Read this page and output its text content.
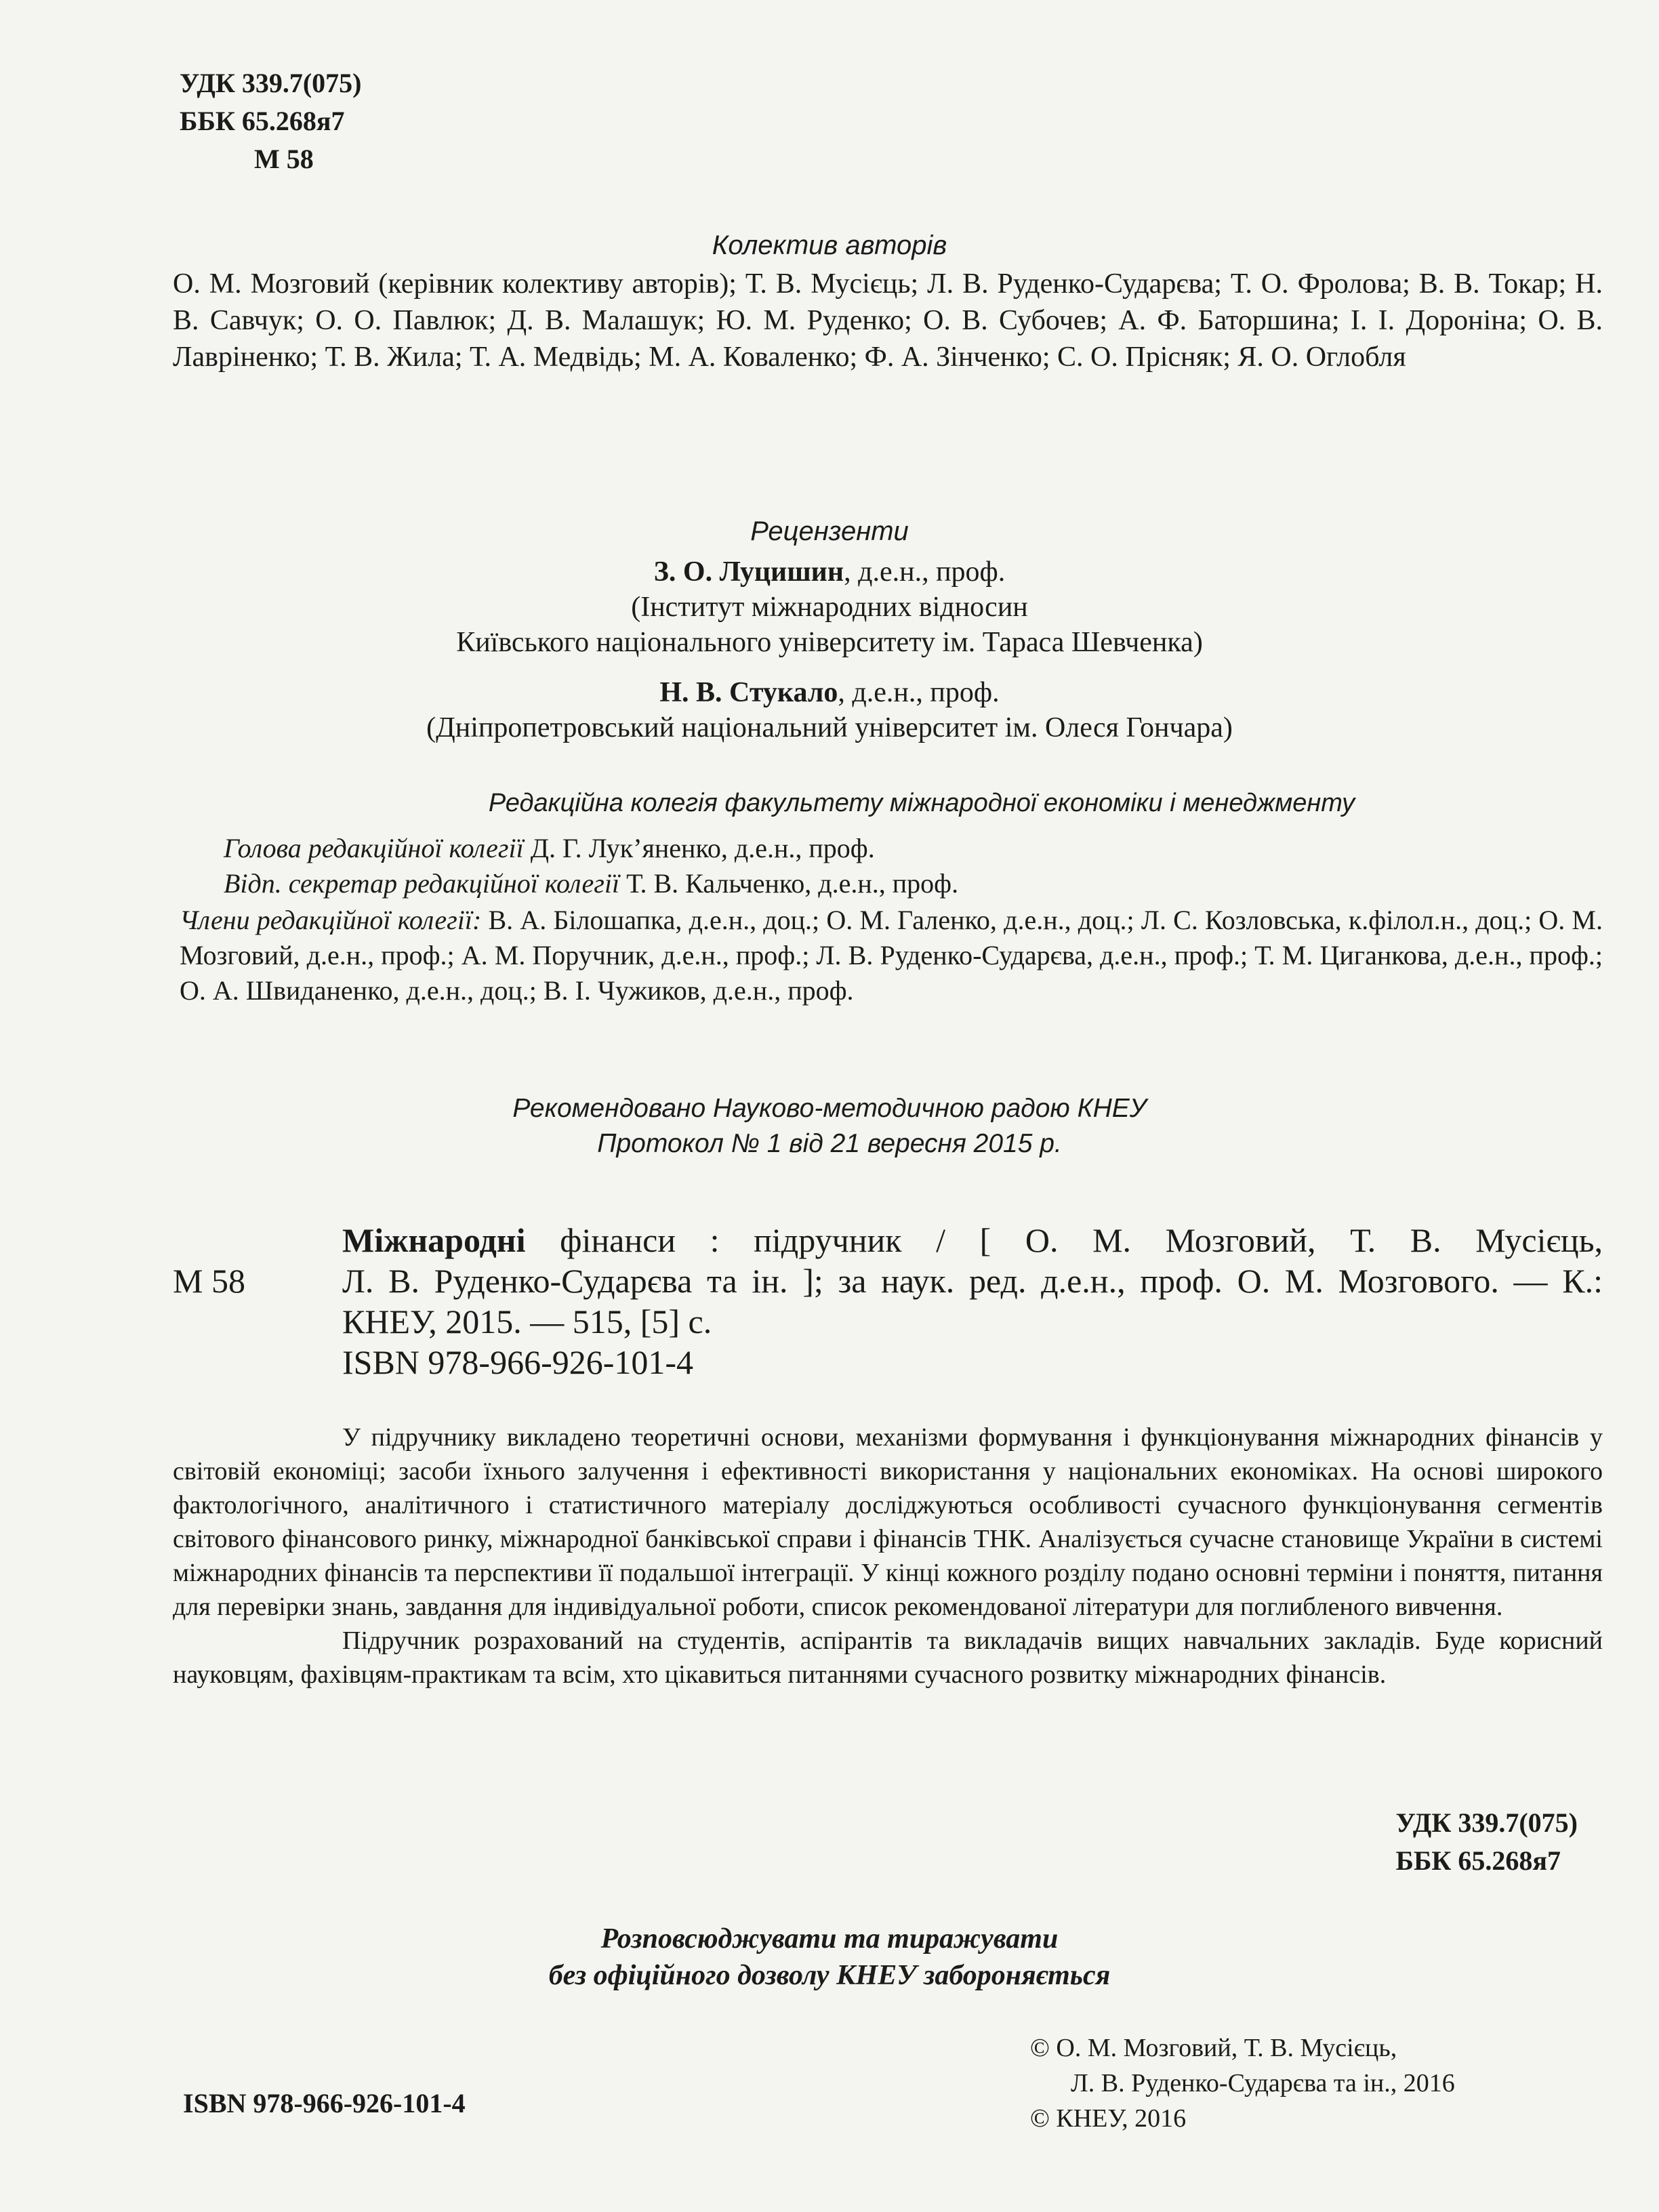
УДК 339.7(075)
ББК 65.268я7
М 58
Колектив авторів

О. М. Мозговий (керівник колективу авторів); Т. В. Мусієць; Л. В. Руденко-Сударєва; Т. О. Фролова; В. В. Токар; Н. В. Савчук; О. О. Павлюк; Д. В. Малашук; Ю. М. Руденко; О. В. Субочев; А. Ф. Баторшина; І. І. Дороніна; О. В. Лавріненко; Т. В. Жила; Т. А. Медвідь; М. А. Коваленко; Ф. А. Зінченко; С. О. Прісняк; Я. О. Оглобля

Рецензенти
З. О. Луцишин, д.е.н., проф.
(Інститут міжнародних відносин
Київського національного університету ім. Тараса Шевченка)
Н. В. Стукало, д.е.н., проф.
(Дніпропетровський національний університет ім. Олеся Гончара)
Редакційна колегія факультету міжнародної економіки і менеджменту
Голова редакційної колегії Д. Г. Лук’яненко, д.е.н., проф.
Відп. секретар редакційної колегії Т. В. Кальченко, д.е.н., проф.

Члени редакційної колегії: В. А. Білошапка, д.е.н., доц.; О. М. Галенко, д.е.н., доц.; Л. С. Козловська, к.філол.н., доц.; О. М. Мозговий, д.е.н., проф.; А. М. Поручник, д.е.н., проф.; Л. В. Руденко-Сударєва, д.е.н., проф.; Т. М. Циганкова, д.е.н., проф.; О. А. Швиданенко, д.е.н., доц.; В. І. Чужиков, д.е.н., проф.

Рекомендовано Науково-методичною радою КНЕУ
Протокол № 1 від 21 вересня 2015 р.
М 58
Міжнародні фінанси : підручник / [ О. М. Мозговий, Т. В. Мусієць,
Л. В. Руденко-Сударєва та ін. ]; за наук. ред. д.е.н., проф. О. М. Мозгового. — К.: КНЕУ, 2015. — 515, [5] с.
ISBN 978-966-926-101-4

У підручнику викладено теоретичні основи, механізми формування і функціонування міжнародних фінансів у світовій економіці; засоби їхнього залучення і ефективності використання у національних економіках. На основі широкого фактологічного, аналітичного і статистичного матеріалу досліджуються особливості сучасного функціонування сегментів світового фінансового ринку, міжнародної банківської справи і фінансів ТНК. Аналізується сучасне становище України в системі міжнародних фінансів та перспективи її подальшої інтеграції. У кінці кожного розділу подано основні терміни і поняття, питання для перевірки знань, завдання для індивідуальної роботи, список рекомендованої літератури для поглибленого вивчення.

Підручник розрахований на студентів, аспірантів та викладачів вищих навчальних закладів. Буде корисний науковцям, фахівцям-практикам та всім, хто цікавиться питаннями сучасного розвитку міжнародних фінансів.

УДК 339.7(075)
ББК 65.268я7
Розповсюджувати та тиражувати
без офіційного дозволу КНЕУ забороняється
© О. М. Мозговий, Т. В. Мусієць,
Л. В. Руденко-Сударєва та ін., 2016
© КНЕУ, 2016
ISBN 978-966-926-101-4
